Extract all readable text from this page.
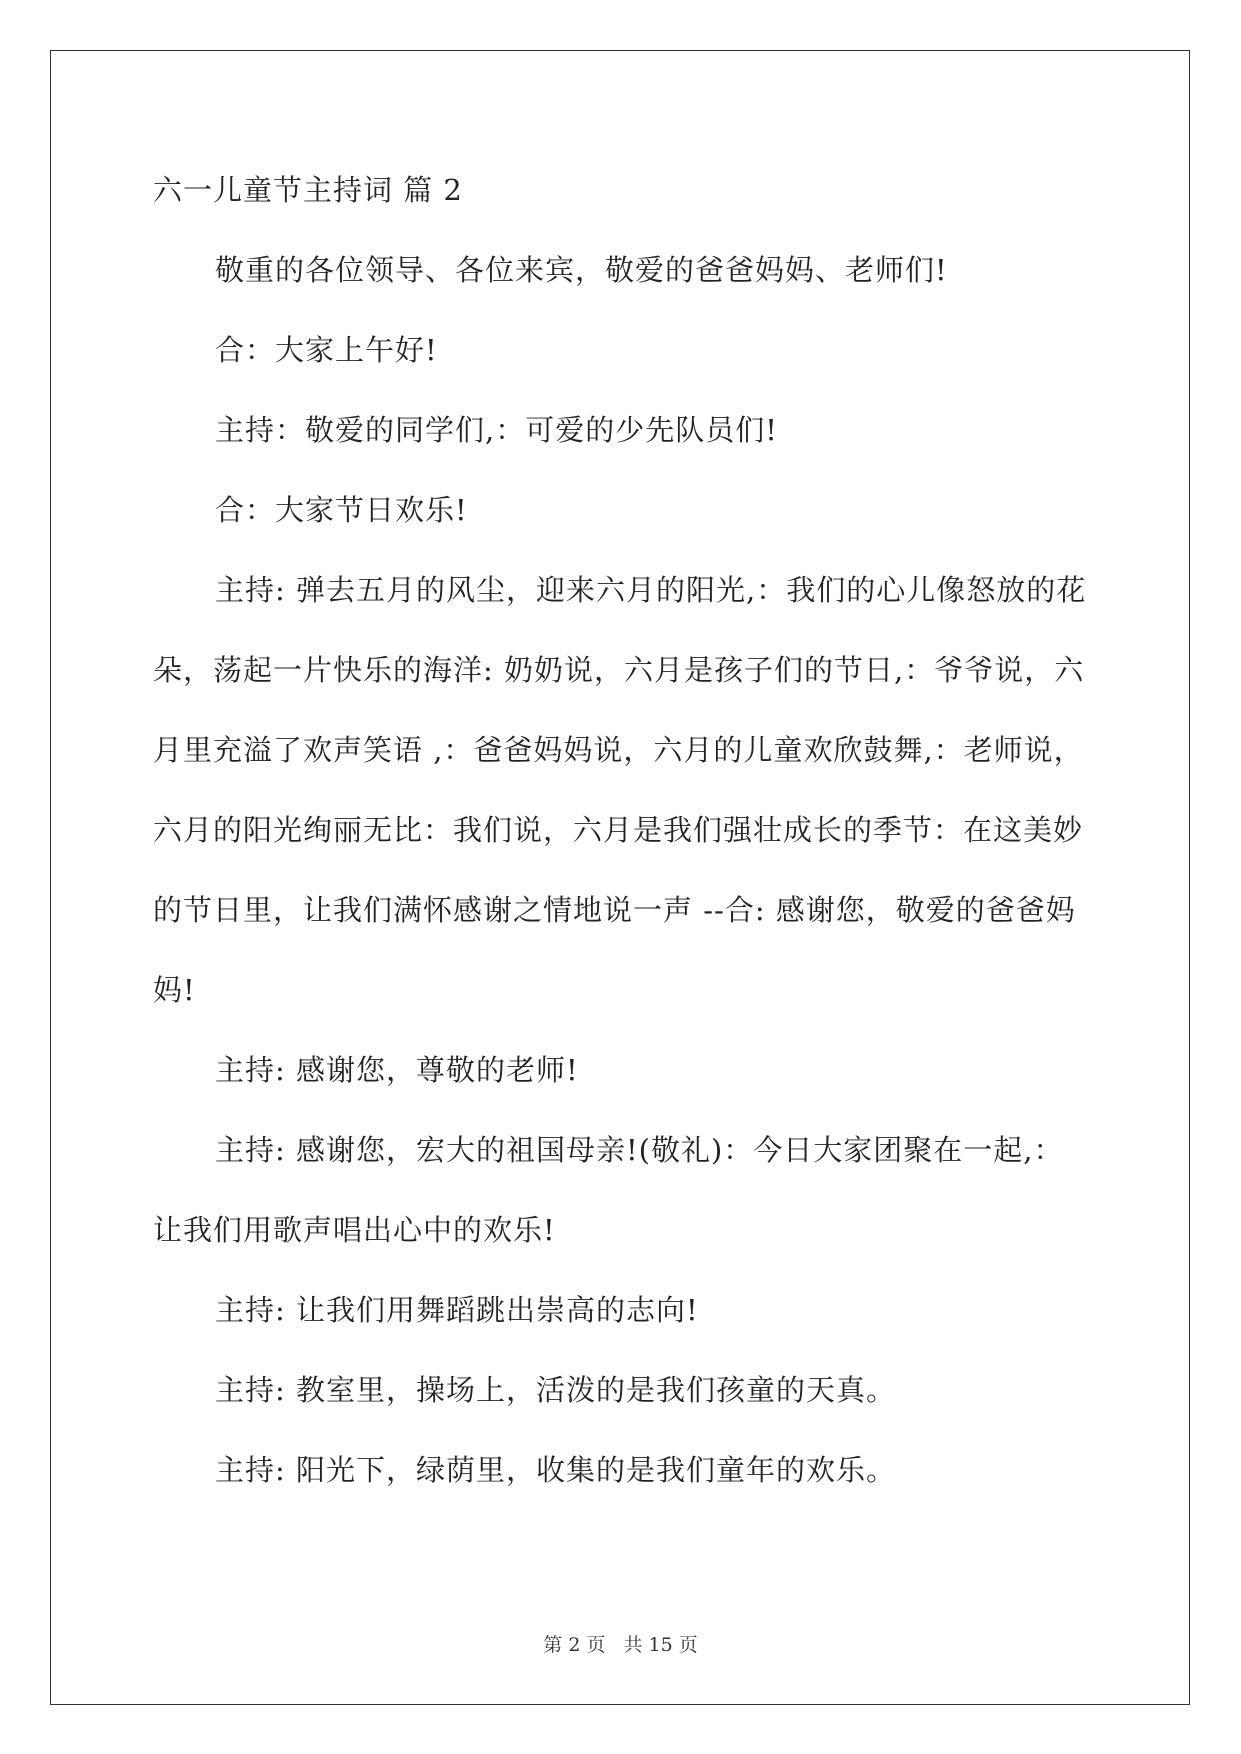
六一儿童节主持词 篇 2

敬重的各位领导、各位来宾，敬爱的爸爸妈妈、老师们!

合：大家上午好!

主持：敬爱的同学们,：可爱的少先队员们!

合：大家节日欢乐!

主持: 弹去五月的风尘，迎来六月的阳光,：我们的心儿像怒放的花朵，荡起一片快乐的海洋: 奶奶说，六月是孩子们的节日,：爷爷说，六月里充溢了欢声笑语 ,：爸爸妈妈说，六月的儿童欢欣鼓舞,：老师说，六月的阳光绚丽无比：我们说，六月是我们强壮成长的季节：在这美妙的节日里，让我们满怀感谢之情地说一声 --合: 感谢您，敬爱的爸爸妈妈!

主持: 感谢您，尊敬的老师!

主持: 感谢您，宏大的祖国母亲!(敬礼)：今日大家团聚在一起,：让我们用歌声唱出心中的欢乐!

主持: 让我们用舞蹈跳出崇高的志向!

主持: 教室里，操场上，活泼的是我们孩童的天真。

主持: 阳光下，绿荫里，收集的是我们童年的欢乐。

第 2 页 共 15 页
